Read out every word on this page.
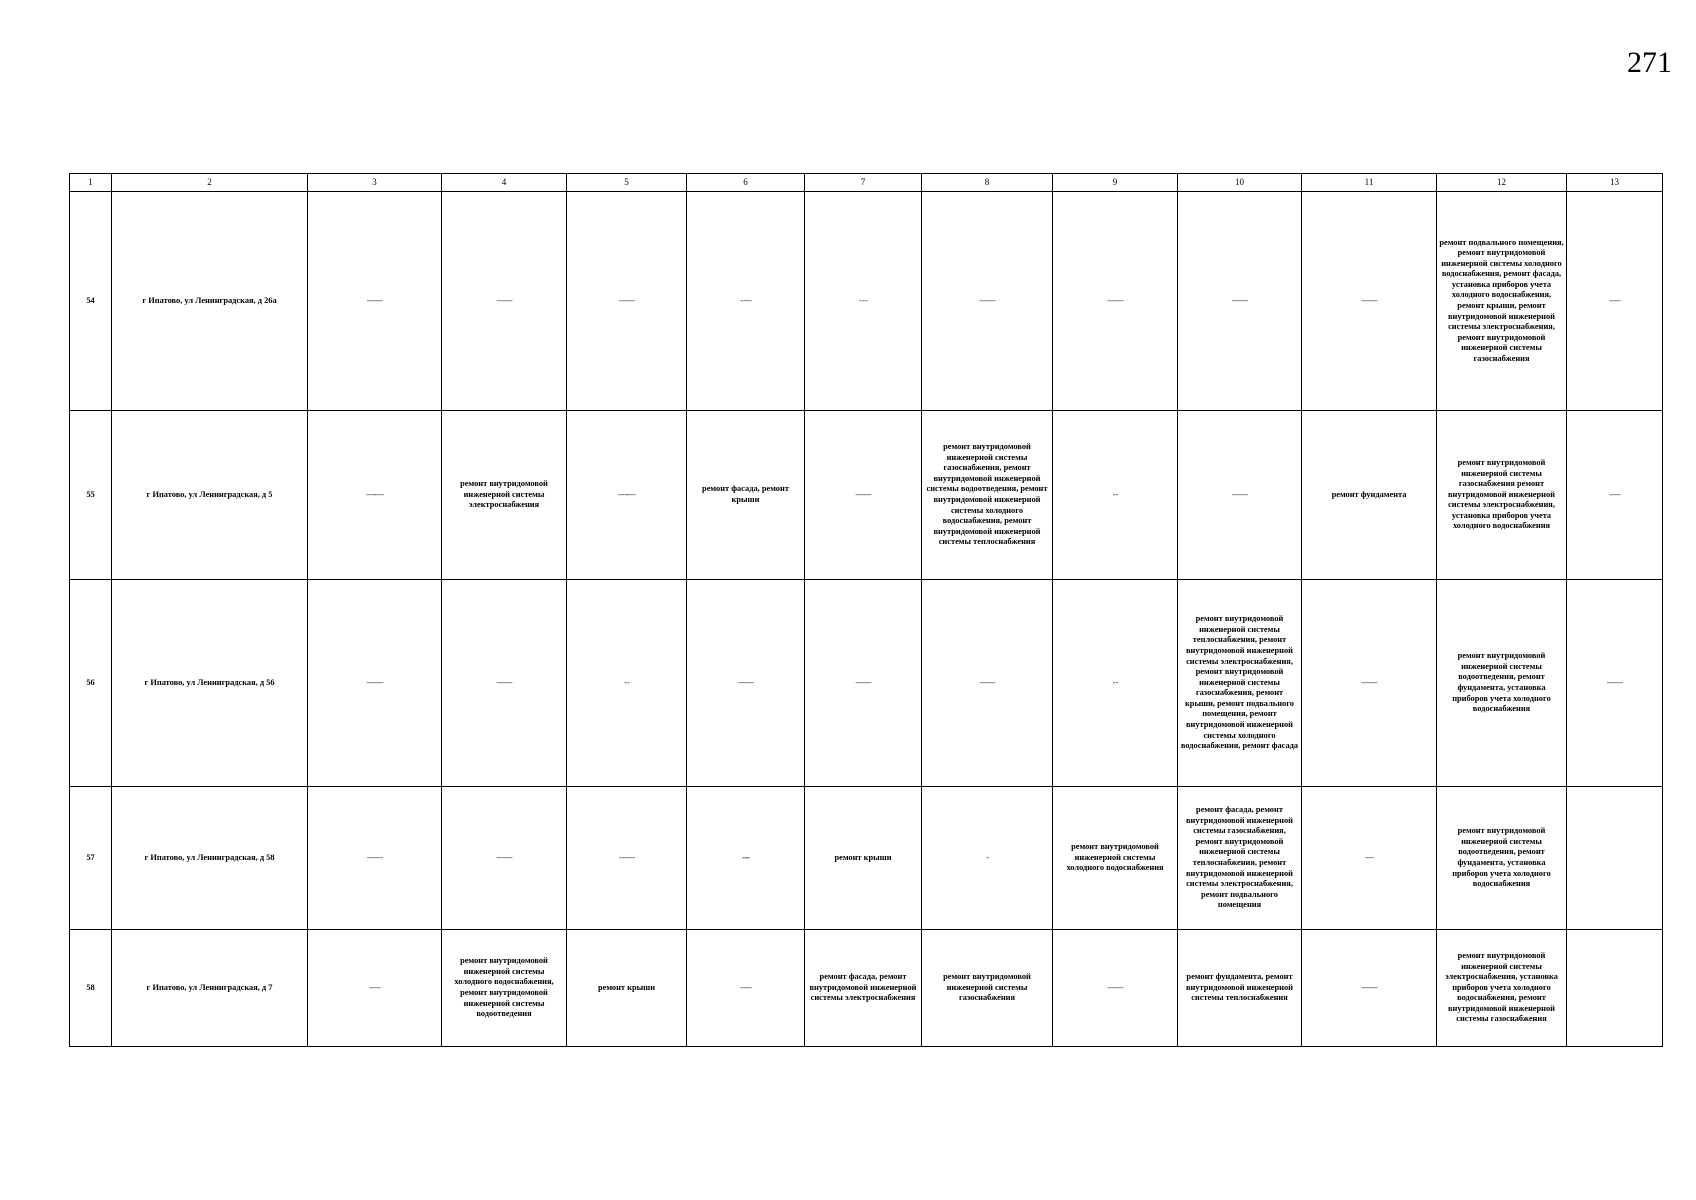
271
1	2	3	4	5	6	7	8	9	10	11	12	13
54	г Ипатово, ул Ленинградская, д 26а	——	——	——	- —	- - -	——	——	——	——	ремонт подвального помещения, ремонт внутридомовой инженерной системы холодного водоснабжения, ремонт фасада, установка приборов учета холодного водоснабжения, ремонт крыши, ремонт внутридомовой инженерной системы электроснабжения, ремонт внутридомовой инженерной системы газоснабжения	- —
55	г Ипатово, ул Ленинградская, д 5	—-—	ремонт внутридомовой инженерной системы электроснабжения	—-—	ремонт фасада, ремонт крыши	——	ремонт внутридомовой инженерной системы газоснабжения, ремонт внутридомовой инженерной системы водоотведения, ремонт внутридомовой инженерной системы холодного водоснабжения, ремонт внутридомовой инженерной системы теплоснабжения	- -	——	ремонт фундамента	ремонт внутридомовой инженерной системы газоснабжения ремонт внутридомовой инженерной системы электроснабжения, установка приборов учета холодного водоснабжения	- —
56	г Ипатово, ул Ленинградская, д 56	— —	——	- -	——	——	——	- -	ремонт внутридомовой инженерной системы теплоснабжения, ремонт внутридомовой инженерной системы электроснабжения, ремонт внутридомовой инженерной системы газоснабжения, ремонт крыши, ремонт подвального помещения, ремонт внутридомовой инженерной системы холодного водоснабжения, ремонт фасада	——	ремонт внутридомовой инженерной системы водоотведения, ремонт фундамента, установка приборов учета холодного водоснабжения	——
57	г Ипатово, ул Ленинградская, д 58	——	——	——	----	ремонт крыши	-	ремонт внутридомовой инженерной системы холодного водоснабжения	ремонт фасада, ремонт внутридомовой инженерной системы газоснабжения, ремонт внутридомовой инженерной системы теплоснабжения, ремонт внутридомовой инженерной системы электроснабжения, ремонт подвального помещения	—	ремонт внутридомовой инженерной системы водоотведения, ремонт фундамента, установка приборов учета холодного водоснабжения	
58	г Ипатово, ул Ленинградская, д 7	— -	ремонт внутридомовой инженерной системы холодного водоснабжения, ремонт внутридомовой инженерной системы водоотведения	ремонт крыши	- —	ремонт фасада, ремонт внутридомовой инженерной системы электроснабжения	ремонт внутридомовой инженерной системы газоснабжения	——	ремонт фундамента, ремонт внутридомовой инженерной системы теплоснабжения	——	ремонт внутридомовой инженерной системы электроснабжения, установка приборов учета холодного водоснабжения, ремонт внутридомовой инженерной системы газоснабжения	
